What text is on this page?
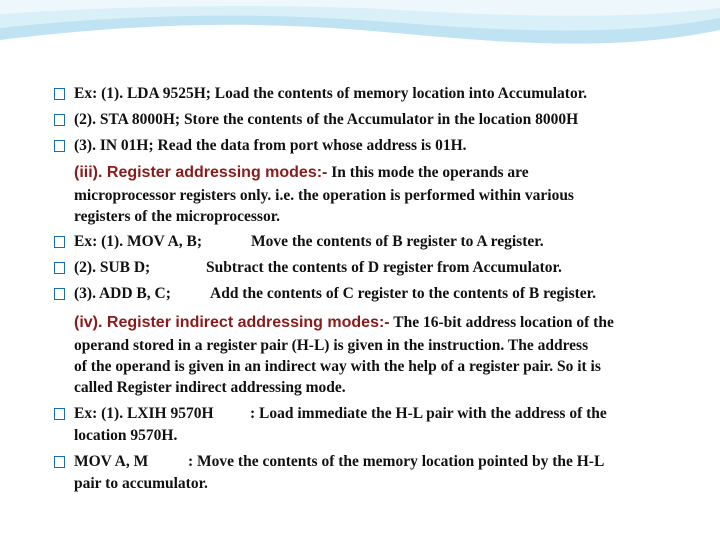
Ex: (1). LDA 9525H; Load the contents of memory location into Accumulator.
(2). STA 8000H; Store the contents of the Accumulator in the location 8000H
(3). IN 01H; Read the data from port whose address is 01H.
(iii). Register addressing modes:- In this mode the operands are
microprocessor registers only. i.e. the operation is performed within various
registers of the microprocessor.
Ex: (1). MOV A, B;	Move the contents of B register to A register.
(2). SUB D;	Subtract the contents of D register from Accumulator.
(3). ADD B, C;	Add the contents of C register to the contents of B register.
(iv). Register indirect addressing modes:- The 16-bit address location of the
operand stored in a register pair (H-L) is given in the instruction. The address
of the operand is given in an indirect way with the help of a register pair. So it is
called Register indirect addressing mode.
Ex: (1). LXIH 9570H : Load immediate the H-L pair with the address of the
location 9570H.
MOV A, M	: Move the contents of the memory location pointed by the H-L
pair to accumulator.
